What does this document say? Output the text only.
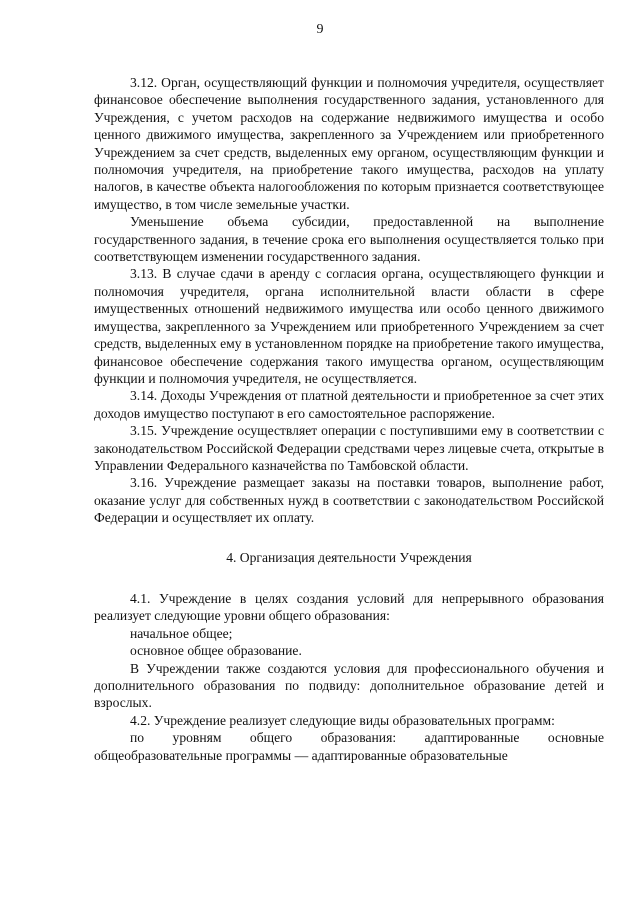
9

3.12. Орган, осуществляющий функции и полномочия учредителя, осуществляет финансовое обеспечение выполнения государственного задания, установленного для Учреждения, с учетом расходов на содержание недвижимого имущества и особо ценного движимого имущества, закрепленного за Учреждением или приобретенного Учреждением за счет средств, выделенных ему органом, осуществляющим функции и полномочия учредителя, на приобретение такого имущества, расходов на уплату налогов, в качестве объекта налогообложения по которым признается соответствующее имущество, в том числе земельные участки.

Уменьшение объема субсидии, предоставленной на выполнение государственного задания, в течение срока его выполнения осуществляется только при соответствующем изменении государственного задания.

3.13. В случае сдачи в аренду с согласия органа, осуществляющего функции и полномочия учредителя, органа исполнительной власти области в сфере имущественных отношений недвижимого имущества или особо ценного движимого имущества, закрепленного за Учреждением или приобретенного Учреждением за счет средств, выделенных ему в установленном порядке на приобретение такого имущества, финансовое обеспечение содержания такого имущества органом, осуществляющим функции и полномочия учредителя, не осуществляется.

3.14. Доходы Учреждения от платной деятельности и приобретенное за счет этих доходов имущество поступают в его самостоятельное распоряжение.

3.15. Учреждение осуществляет операции с поступившими ему в соответствии с законодательством Российской Федерации средствами через лицевые счета, открытые в Управлении Федерального казначейства по Тамбовской области.

3.16. Учреждение размещает заказы на поставки товаров, выполнение работ, оказание услуг для собственных нужд в соответствии с законодательством Российской Федерации и осуществляет их оплату.

4. Организация деятельности Учреждения

4.1. Учреждение в целях создания условий для непрерывного образования реализует следующие уровни общего образования:

начальное общее;

основное общее образование.

В Учреждении также создаются условия для профессионального обучения и дополнительного образования по подвиду: дополнительное образование детей и взрослых.

4.2. Учреждение реализует следующие виды образовательных программ:

по уровням общего образования: адаптированные основные общеобразовательные программы — адаптированные образовательные
